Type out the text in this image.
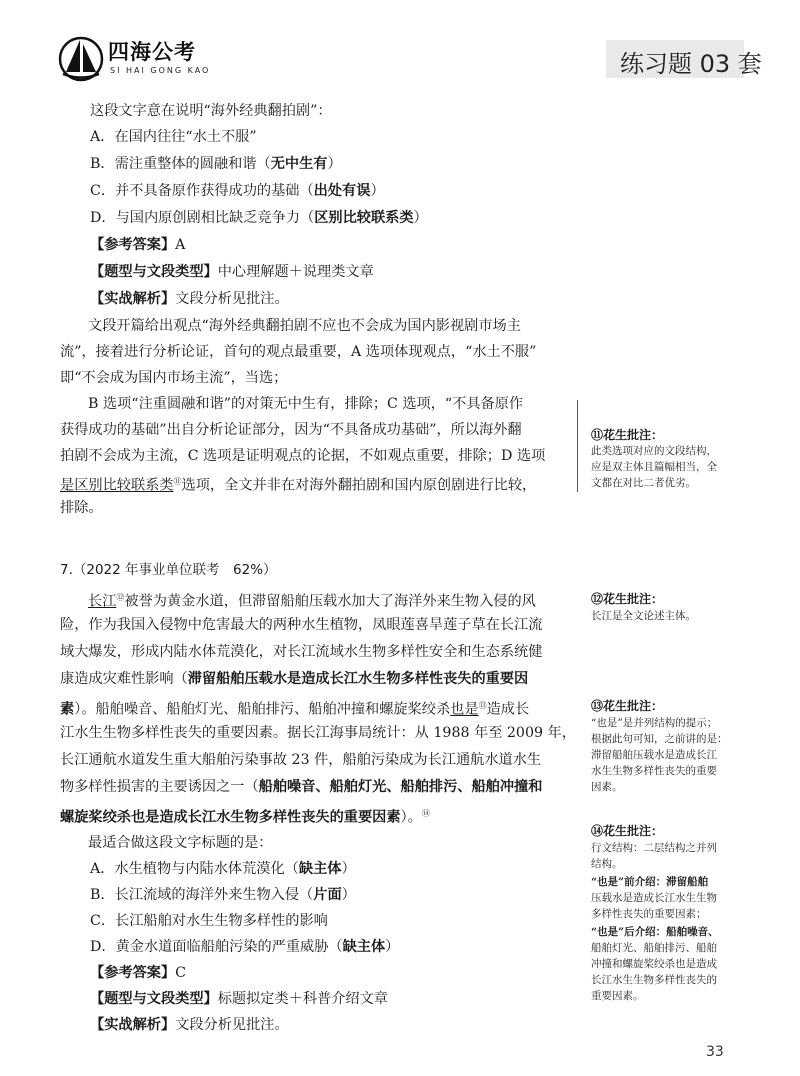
四海公考
SI HAI GONG KAO	练习题 03 套
这段文字意在说明“海外经典翻拍剧”：
A．在国内往往“水土不服”
B．需注重整体的圆融和谐（无中生有）
C．并不具备原作获得成功的基础（出处有误）
D．与国内原创剧相比缺乏竞争力（区别比较联系类）
【参考答案】A
【题型与文段类型】中心理解题＋说理类文章
【实战解析】文段分析见批注。
文段开篇给出观点“海外经典翻拍剧不应也不会成为国内影视剧市场主
流”，接着进行分析论证，首句的观点最重要，A 选项体现观点，“水土不服”
即“不会成为国内市场主流”，当选；
B 选项“注重圆融和谐”的对策无中生有，排除；C 选项，“不具备原作
获得成功的基础”出自分析论证部分，因为“不具备成功基础”，所以海外翻
拍剧不会成为主流，C 选项是证明观点的论据，不如观点重要，排除；D 选项
是区别比较联系类⑪选项，全文并非在对海外翻拍剧和国内原创剧进行比较，
排除。
7.（2022 年事业单位联考　62%）
长江⑫被誉为黄金水道，但滞留船舶压载水加大了海洋外来生物入侵的风
险，作为我国入侵物中危害最大的两种水生植物，凤眼莲喜旱莲子草在长江流
域大爆发，形成内陆水体荒漠化，对长江流域水生物多样性安全和生态系统健
康造成灾难性影响（滞留船舶压载水是造成长江水生物多样性丧失的重要因
素）。船舶噪音、船舶灯光、船舶排污、船舶冲撞和螺旋桨绞杀也是⑬造成长
江水生生物多样性丧失的重要因素。据长江海事局统计：从 1988 年至 2009 年，
长江通航水道发生重大船舶污染事故 23 件，船舶污染成为长江通航水道水生
物多样性损害的主要诱因之一（船舶噪音、船舶灯光、船舶排污、船舶冲撞和
螺旋桨绞杀也是造成长江水生物多样性丧失的重要因素）。⑭
最适合做这段文字标题的是：
A．水生植物与内陆水体荒漠化（缺主体）
B．长江流域的海洋外来生物入侵（片面）
C．长江船舶对水生生物多样性的影响
D．黄金水道面临船舶污染的严重威胁（缺主体）
【参考答案】C
【题型与文段类型】标题拟定类＋科普介绍文章
【实战解析】文段分析见批注。
⑪花生批注：
此类选项对应的文段结构，
应是双主体且篇幅相当，全
文都在对比二者优劣。
⑫花生批注：
长江是全文论述主体。
⑬花生批注：
“也是”是并列结构的提示；
根据此句可知，之前讲的是：
滞留船舶压载水是造成长江
水生生物多样性丧失的重要
因素。
⑭花生批注：
行文结构：二层结构之并列
结构。
“也是”前介绍：滞留船舶
压载水是造成长江水生生物
多样性丧失的重要因素；
“也是”后介绍：船舶噪音、
船舶灯光、船舶排污、船舶
冲撞和螺旋桨绞杀也是造成
长江水生生物多样性丧失的
重要因素。
33
